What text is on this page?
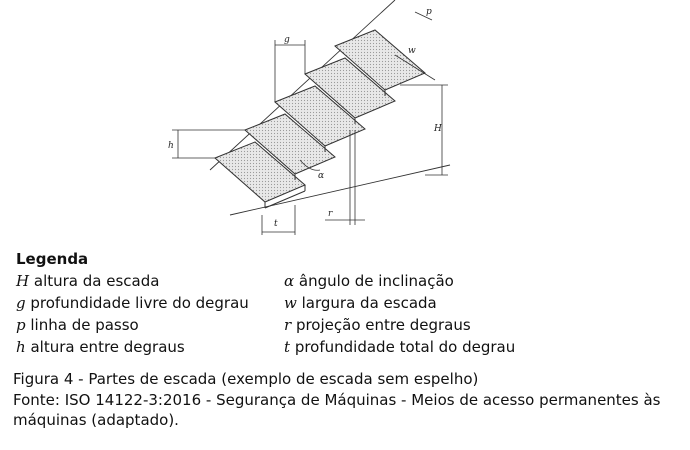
g
p
h
H
w
α
t
r
Legenda
H altura da escada	α ângulo de inclinação
g profundidade livre do degrau	w largura da escada
p linha de passo	r projeção entre degraus
h altura entre degraus	t profundidade total do degrau
Figura 4 - Partes de escada (exemplo de escada sem espelho)
Fonte: ISO 14122-3:2016 - Segurança de Máquinas - Meios de acesso permanentes às
máquinas (adaptado).
